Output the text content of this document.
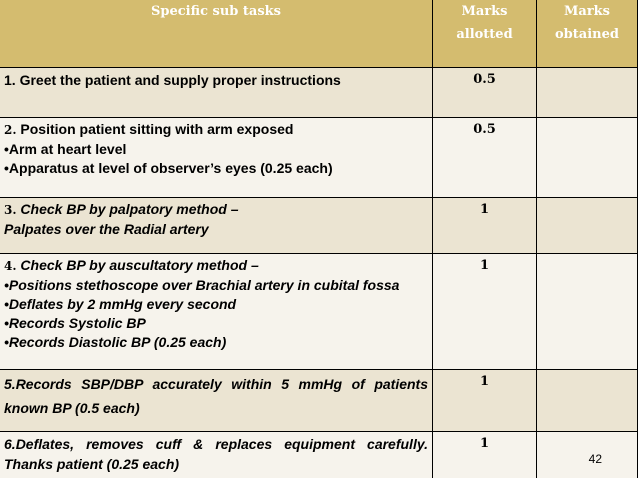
Specific sub tasks	Marks
allotted
Marks
obtained

1. Greet the patient and supply proper instructions	0.5

2. Position patient sitting with arm exposed

•Arm at heart level

•Apparatus at level of observer’s eyes (0.25 each)

0.5

3. Check BP by palpatory method –

Palpates over the Radial artery

1

4. Check BP by auscultatory method –

•Positions stethoscope over Brachial artery in cubital fossa

•Deflates by 2 mmHg every second

•Records Systolic BP

•Records Diastolic BP (0.25 each)

1

5.Records SBP/DBP accurately within 5 mmHg of patients known BP (0.5 each)

1

6.Deflates, removes cuff & replaces equipment carefully. Thanks patient (0.25 each)

1
42
